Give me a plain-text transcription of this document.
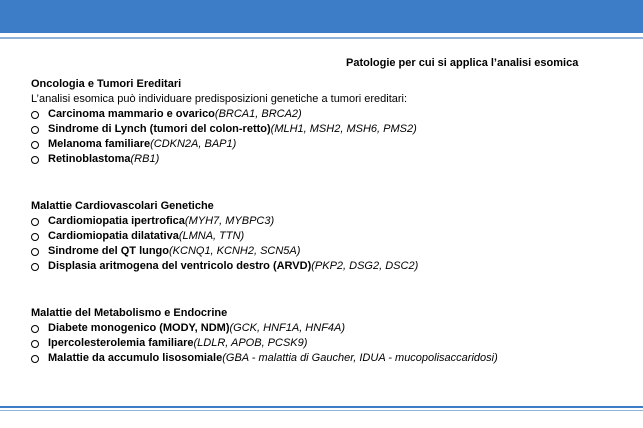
Patologie per cui si applica l’analisi esomica
Oncologia e Tumori Ereditari
L’analisi esomica può individuare predisposizioni genetiche a tumori ereditari:
Carcinoma mammario e ovarico(BRCA1, BRCA2)
Sindrome di Lynch (tumori del colon-retto)(MLH1, MSH2, MSH6, PMS2)
Melanoma familiare(CDKN2A, BAP1)
Retinoblastoma(RB1)
Malattie Cardiovascolari Genetiche
Cardiomiopatia ipertrofica(MYH7, MYBPC3)
Cardiomiopatia dilatativa(LMNA, TTN)
Sindrome del QT lungo(KCNQ1, KCNH2, SCN5A)
Displasia aritmogena del ventricolo destro (ARVD)(PKP2, DSG2, DSC2)
Malattie del Metabolismo e Endocrine
Diabete monogenico (MODY, NDM)(GCK, HNF1A, HNF4A)
Ipercolesterolemia familiare(LDLR, APOB, PCSK9)
Malattie da accumulo lisosomiale(GBA - malattia di Gaucher, IDUA - mucopolisaccaridosi)
